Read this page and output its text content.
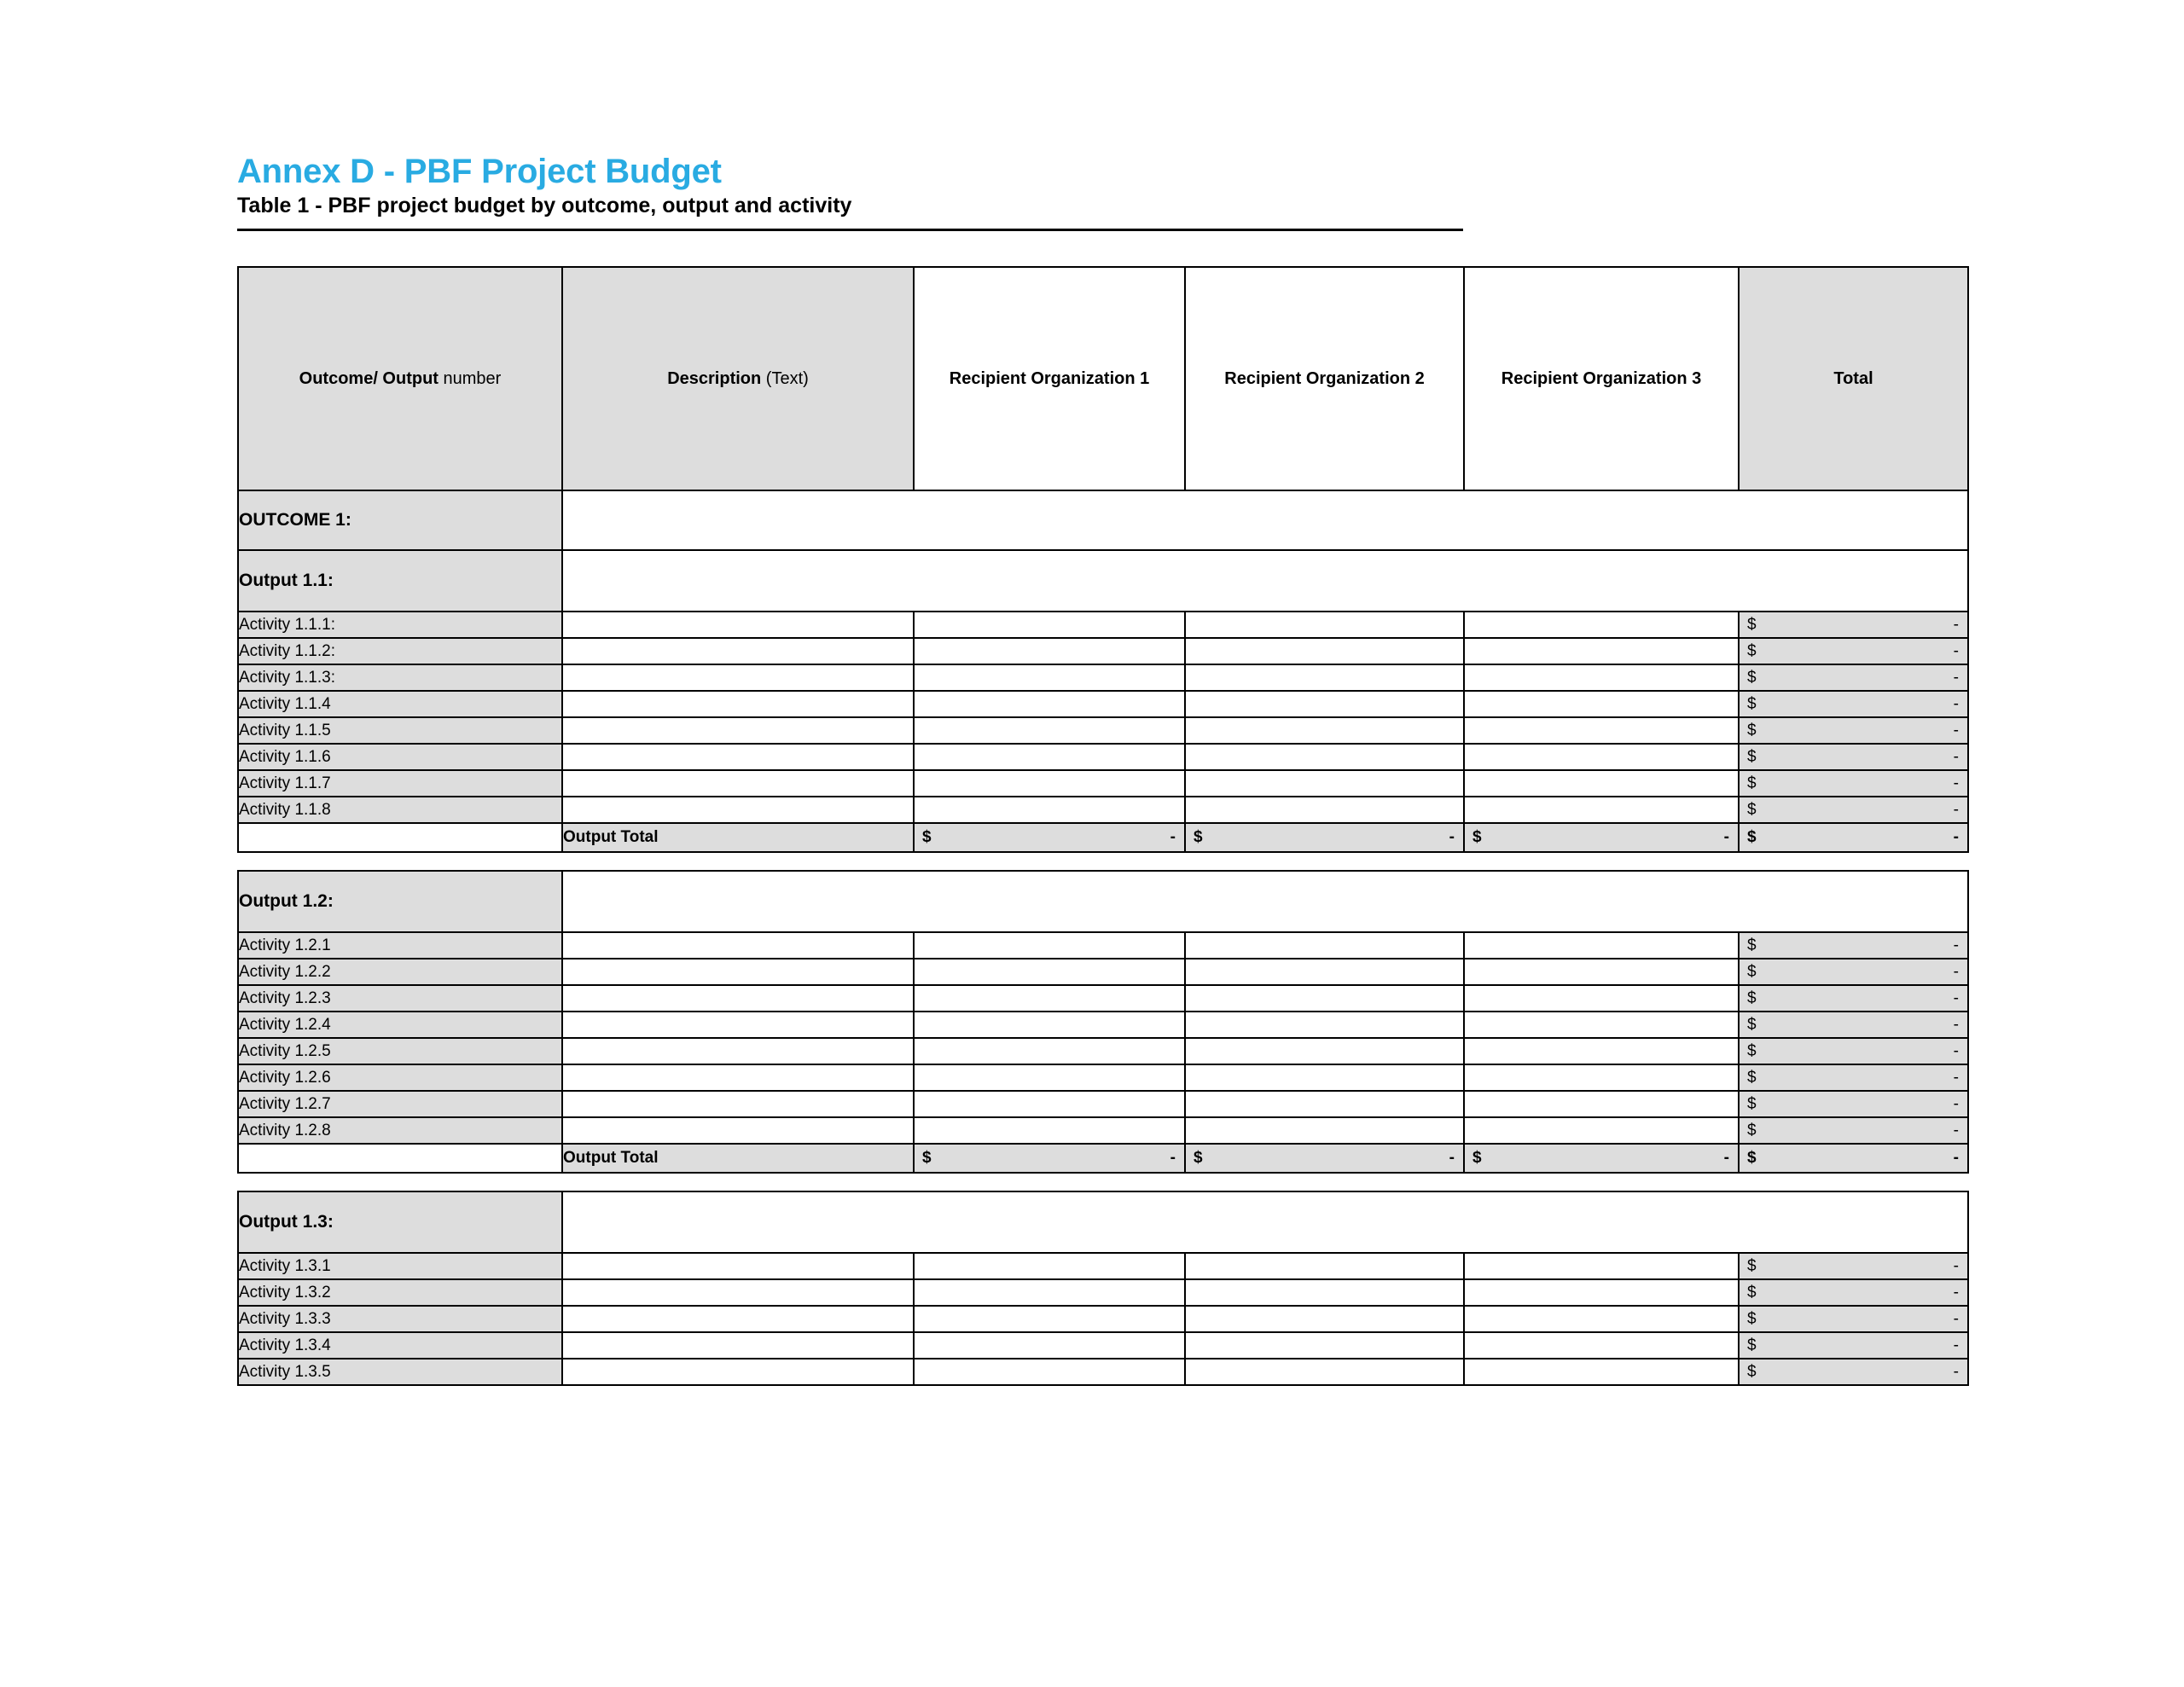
Annex D - PBF Project Budget
Table 1 - PBF project budget by outcome, output and activity
Outcome/ Output number	Description (Text)	Recipient Organization 1	Recipient Organization 2	Recipient Organization 3	Total
OUTCOME 1:					
Output 1.1:					
Activity 1.1.1:					$ -

Activity 1.1.2:					$ -

Activity 1.1.3:					$ -

Activity 1.1.4					$ -

Activity 1.1.5					$ -

Activity 1.1.6					$ -

Activity 1.1.7					$ -

Activity 1.1.8					$ -

	Output Total	$ -	$ -	$ -	$ -

Output 1.2:					
Activity 1.2.1					$ -

Activity 1.2.2					$ -

Activity 1.2.3					$ -

Activity 1.2.4					$ -

Activity 1.2.5					$ -

Activity 1.2.6					$ -

Activity 1.2.7					$ -

Activity 1.2.8					$ -

	Output Total	$ -	$ -	$ -	$ -

Output 1.3:					
Activity 1.3.1					$ -

Activity 1.3.2					$ -

Activity 1.3.3					$ -

Activity 1.3.4					$ -

Activity 1.3.5					$ -
